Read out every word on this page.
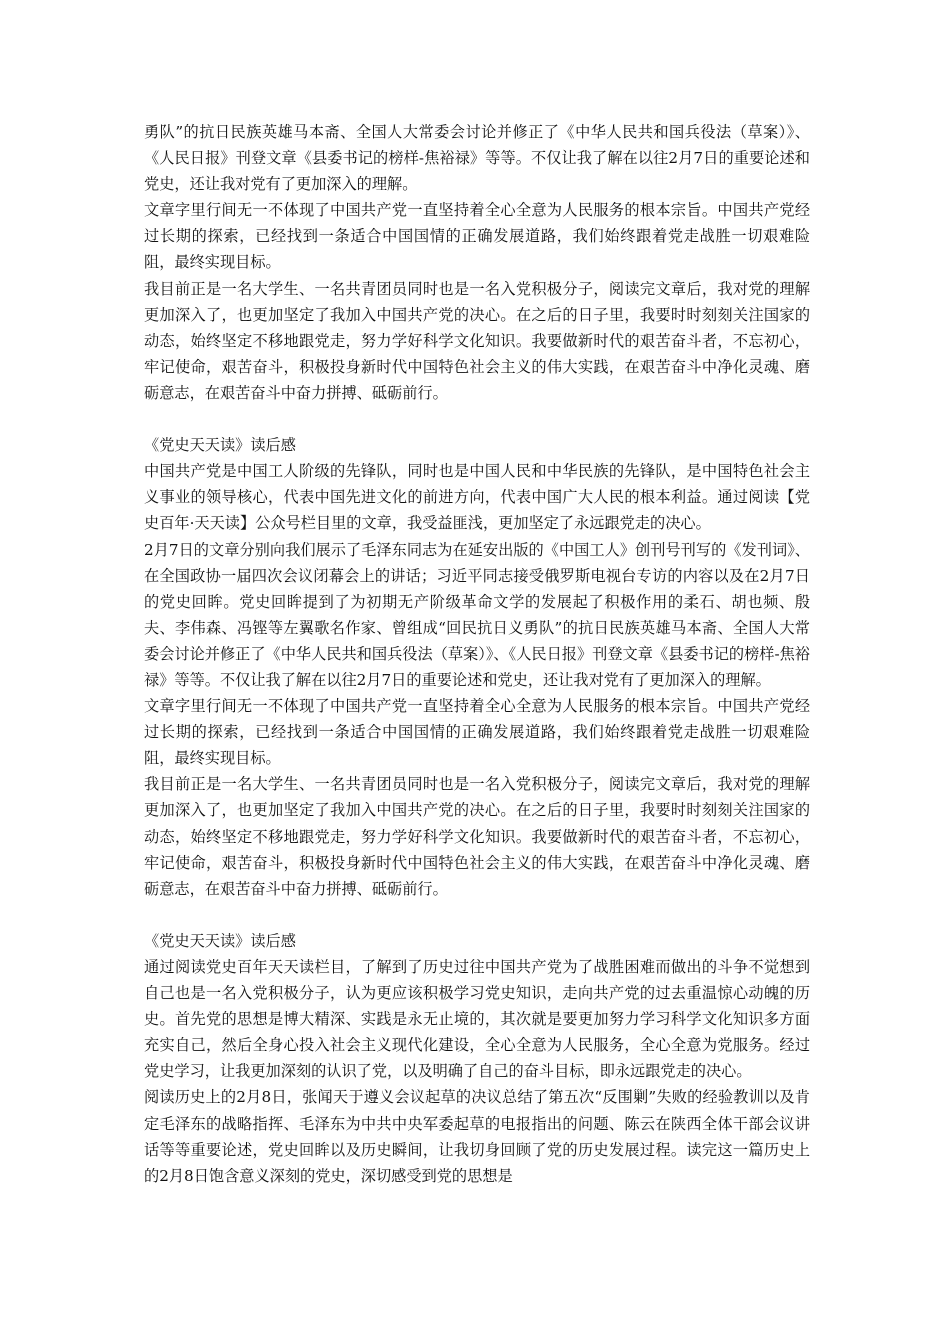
勇队”的抗日民族英雄马本斋、全国人大常委会讨论并修正了《中华人民共和国兵役法（草案）》、《人民日报》刊登文章《县委书记的榜样-焦裕禄》等等。不仅让我了解在以往2月7日的重要论述和党史，还让我对党有了更加深入的理解。

文章字里行间无一不体现了中国共产党一直坚持着全心全意为人民服务的根本宗旨。中国共产党经过长期的探索，已经找到一条适合中国国情的正确发展道路，我们始终跟着党走战胜一切艰难险阻，最终实现目标。

我目前正是一名大学生、一名共青团员同时也是一名入党积极分子，阅读完文章后，我对党的理解更加深入了，也更加坚定了我加入中国共产党的决心。在之后的日子里，我要时时刻刻关注国家的动态，始终坚定不移地跟党走，努力学好科学文化知识。我要做新时代的艰苦奋斗者，不忘初心，牢记使命，艰苦奋斗，积极投身新时代中国特色社会主义的伟大实践，在艰苦奋斗中净化灵魂、磨砺意志，在艰苦奋斗中奋力拼搏、砥砺前行。

《党史天天读》读后感

中国共产党是中国工人阶级的先锋队，同时也是中国人民和中华民族的先锋队，是中国特色社会主义事业的领导核心，代表中国先进文化的前进方向，代表中国广大人民的根本利益。通过阅读【党史百年·天天读】公众号栏目里的文章，我受益匪浅，更加坚定了永远跟党走的决心。

2月7日的文章分别向我们展示了毛泽东同志为在延安出版的《中国工人》创刊号刊写的《发刊词》、在全国政协一届四次会议闭幕会上的讲话；习近平同志接受俄罗斯电视台专访的内容以及在2月7日的党史回眸。党史回眸提到了为初期无产阶级革命文学的发展起了积极作用的柔石、胡也频、殷夫、李伟森、冯铿等左翼歌名作家、曾组成“回民抗日义勇队”的抗日民族英雄马本斋、全国人大常委会讨论并修正了《中华人民共和国兵役法（草案）》、《人民日报》刊登文章《县委书记的榜样-焦裕禄》等等。不仅让我了解在以往2月7日的重要论述和党史，还让我对党有了更加深入的理解。

文章字里行间无一不体现了中国共产党一直坚持着全心全意为人民服务的根本宗旨。中国共产党经过长期的探索，已经找到一条适合中国国情的正确发展道路，我们始终跟着党走战胜一切艰难险阻，最终实现目标。

我目前正是一名大学生、一名共青团员同时也是一名入党积极分子，阅读完文章后，我对党的理解更加深入了，也更加坚定了我加入中国共产党的决心。在之后的日子里，我要时时刻刻关注国家的动态，始终坚定不移地跟党走，努力学好科学文化知识。我要做新时代的艰苦奋斗者，不忘初心，牢记使命，艰苦奋斗，积极投身新时代中国特色社会主义的伟大实践，在艰苦奋斗中净化灵魂、磨砺意志，在艰苦奋斗中奋力拼搏、砥砺前行。

《党史天天读》读后感

通过阅读党史百年天天读栏目，了解到了历史过往中国共产党为了战胜困难而做出的斗争不觉想到自己也是一名入党积极分子，认为更应该积极学习党史知识，走向共产党的过去重温惊心动魄的历史。首先党的思想是博大精深、实践是永无止境的，其次就是要更加努力学习科学文化知识多方面充实自己，然后全身心投入社会主义现代化建设，全心全意为人民服务，全心全意为党服务。经过党史学习，让我更加深刻的认识了党，以及明确了自己的奋斗目标，即永远跟党走的决心。

阅读历史上的2月8日，张闻天于遵义会议起草的决议总结了第五次“反围剿”失败的经验教训以及肯定毛泽东的战略指挥、毛泽东为中共中央军委起草的电报指出的问题、陈云在陕西全体干部会议讲话等等重要论述，党史回眸以及历史瞬间，让我切身回顾了党的历史发展过程。读完这一篇历史上的2月8日饱含意义深刻的党史，深切感受到党的思想是
